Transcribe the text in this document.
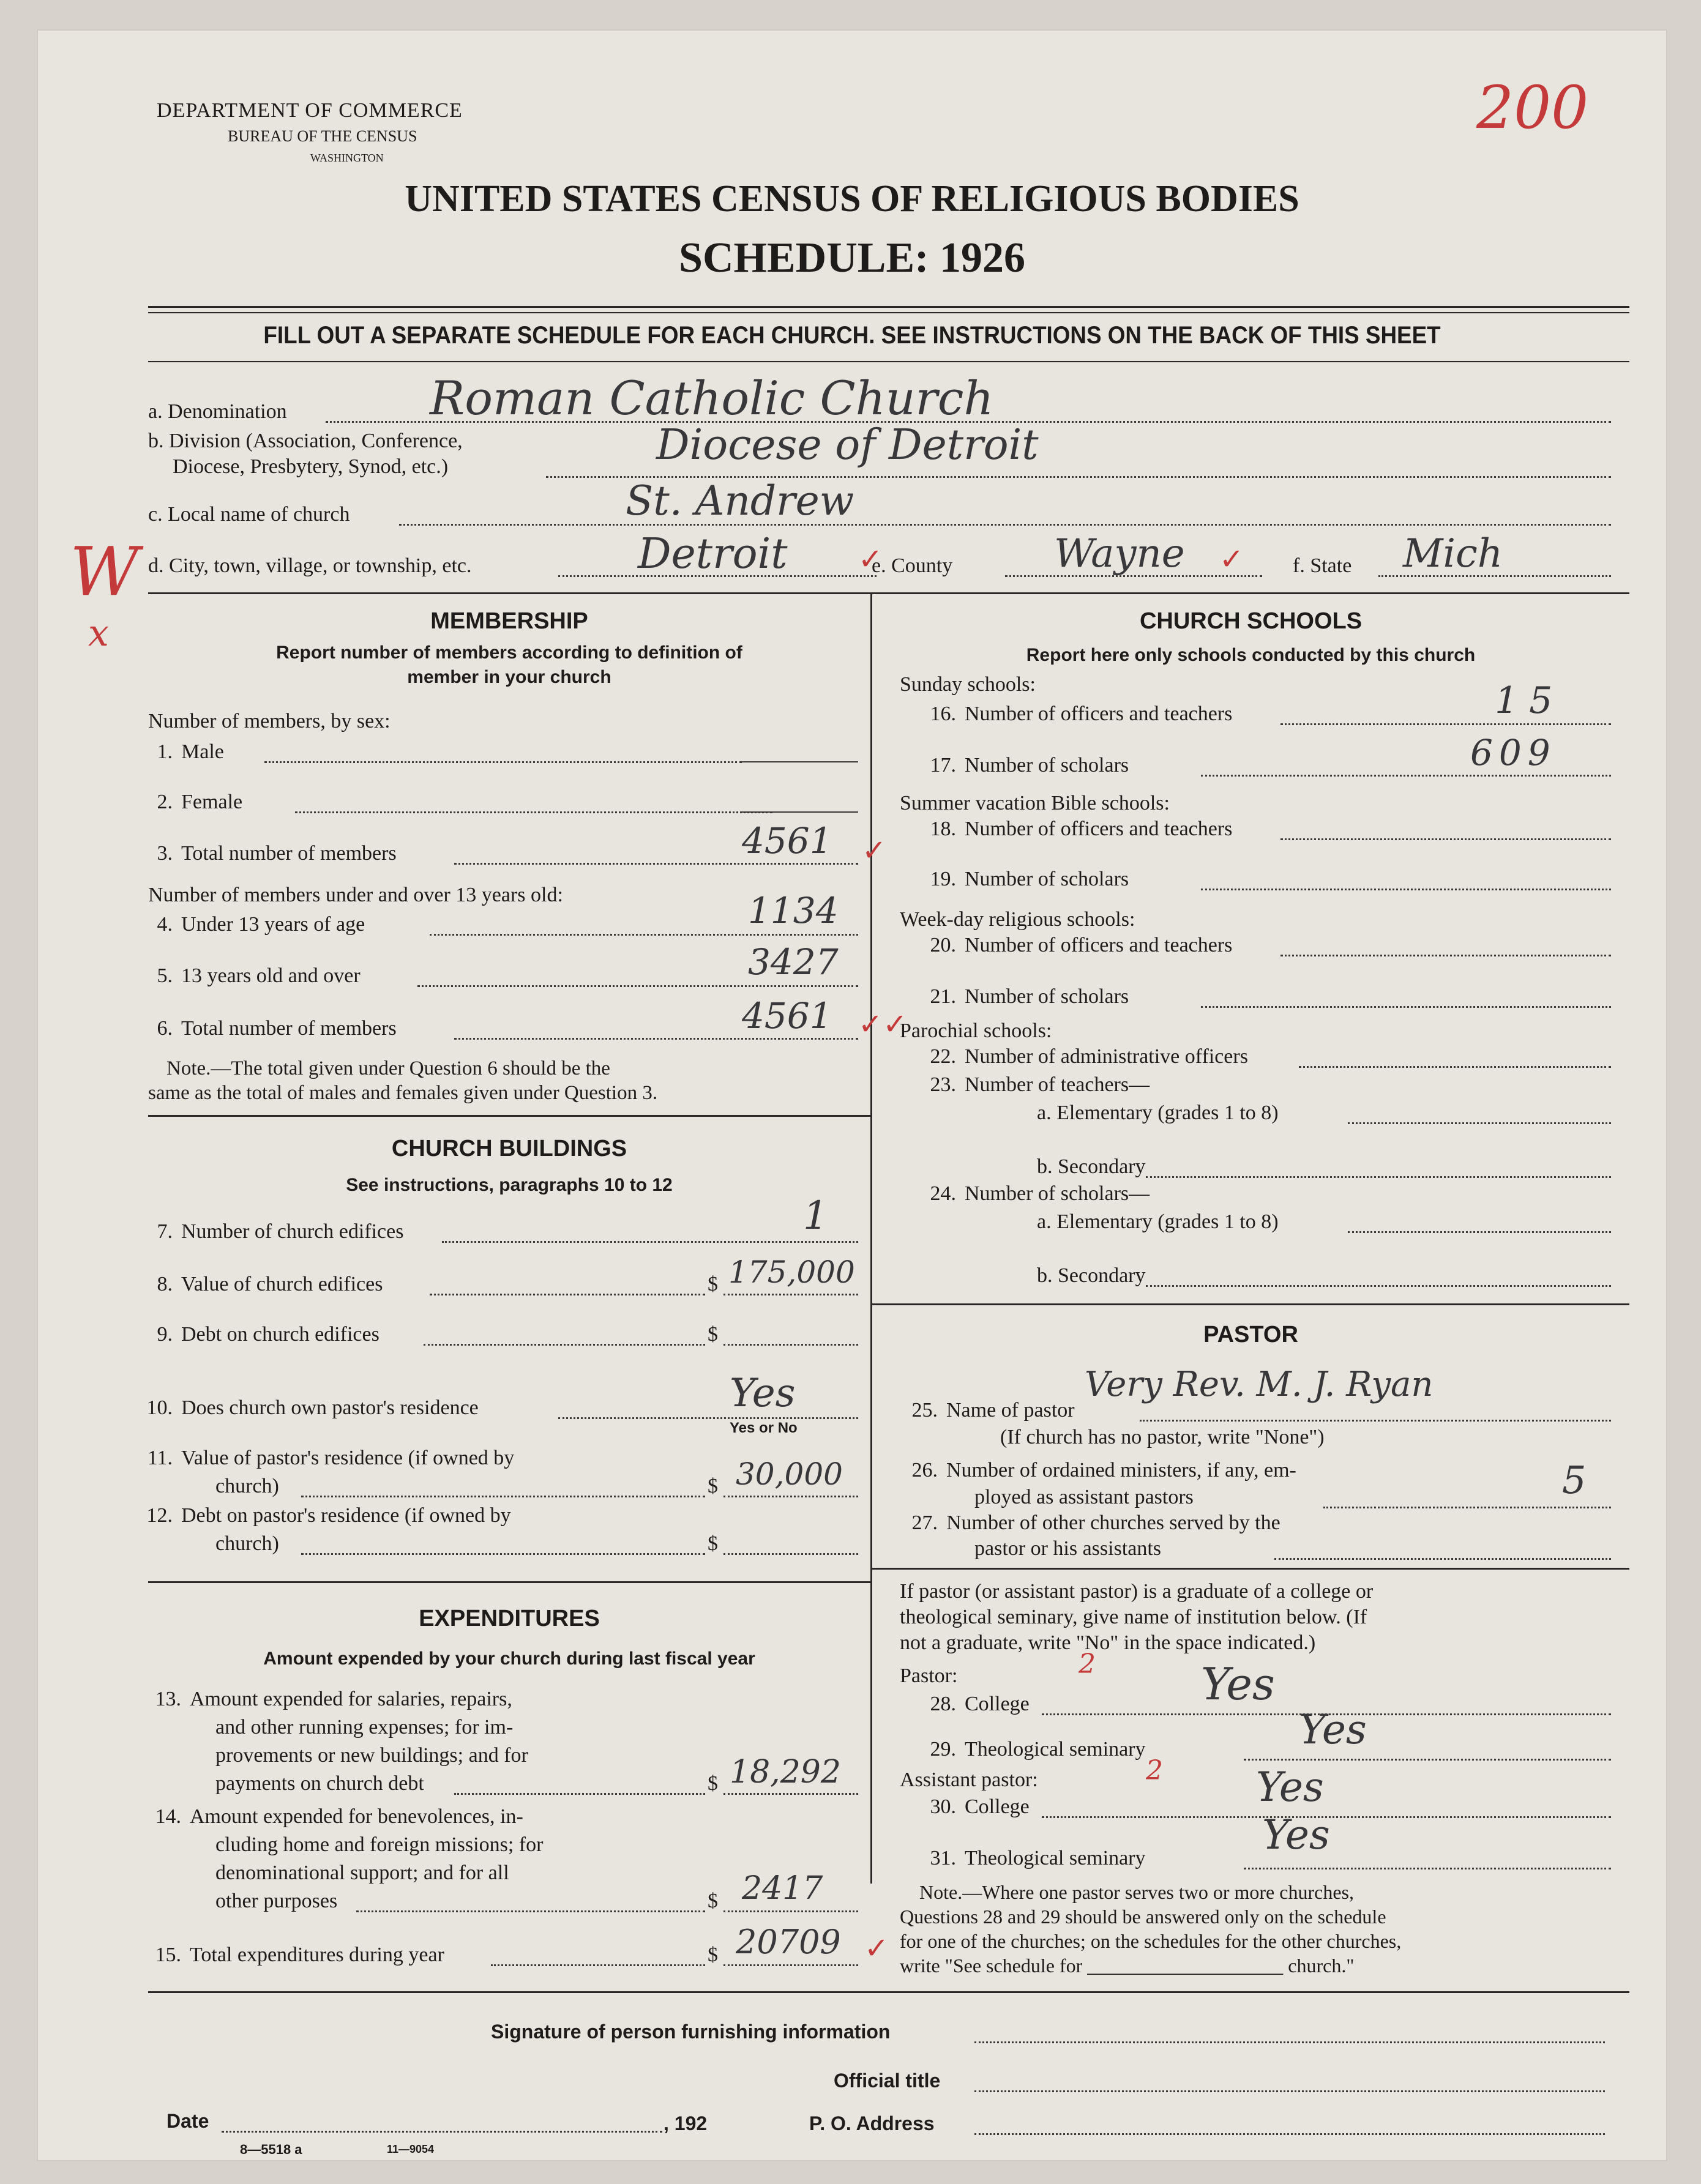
DEPARTMENT OF COMMERCE
BUREAU OF THE CENSUS
WASHINGTON
UNITED STATES CENSUS OF RELIGIOUS BODIES
SCHEDULE: 1926
200
FILL OUT A SEPARATE SCHEDULE FOR EACH CHURCH. SEE INSTRUCTIONS ON THE BACK OF THIS SHEET
a. Denomination	Roman Catholic Church
b. Division (Association, Conference,
Diocese, Presbytery, Synod, etc.)	Diocese of Detroit
c. Local name of church	St. Andrew
d. City, town, village, or township, etc.	Detroit ✓
e. County	Wayne ✓ f. State Mich
W
x	MEMBERSHIP
Report number of members according to definition of
member in your church
Number of members, by sex:
1. Male
2. Female
3. Total number of members	4561 ✓
Number of members under and over 13 years old:
4. Under 13 years of age	1134
5. 13 years old and over	3427
6. Total number of members	4561 ✓✓
Note.—The total given under Question 6 should be the
same as the total of males and females given under Question 3.
CHURCH BUILDINGS
See instructions, paragraphs 10 to 12
7. Number of church edifices	1
8. Value of church edifices	$ 175,000
9. Debt on church edifices	$
10. Does church own pastor's residence	Yes
Yes or No
11. Value of pastor's residence (if owned by
church)	$ 30,000
12. Debt on pastor's residence (if owned by
church)	$
EXPENDITURES
Amount expended by your church during last fiscal year
13. Amount expended for salaries, repairs,
and other running expenses; for im-
provements or new buildings; and for
payments on church debt	$ 18,292
14. Amount expended for benevolences, in-
cluding home and foreign missions; for
denominational support; and for all
other purposes	$ 2417
15. Total expenditures during year	$ 20709 ✓
CHURCH SCHOOLS
Report here only schools conducted by this church
Sunday schools:
16. Number of officers and teachers	15
17. Number of scholars	609
Summer vacation Bible schools:
18. Number of officers and teachers
19. Number of scholars
Week-day religious schools:
20. Number of officers and teachers
21. Number of scholars
Parochial schools:
22. Number of administrative officers
23. Number of teachers—
a. Elementary (grades 1 to 8)
b. Secondary
24. Number of scholars—
a. Elementary (grades 1 to 8)
b. Secondary
PASTOR
25. Name of pastor
Very Rev. M. J. Ryan
(If church has no pastor, write "None")
26. Number of ordained ministers, if any, em-
ployed as assistant pastors	5
27. Number of other churches served by the
pastor or his assistants
If pastor (or assistant pastor) is a graduate of a college or
theological seminary, give name of institution below. (If
not a graduate, write "No" in the space indicated.)
Pastor:	2
28. College	Yes
29. Theological seminary	Yes
Assistant pastor:	2
30. College	Yes
31. Theological seminary	Yes
Note.—Where one pastor serves two or more churches,
Questions 28 and 29 should be answered only on the schedule
for one of the churches; on the schedules for the other churches,
write "See schedule for ____________________ church."
Signature of person furnishing information
Official title
Date	, 192	P. O. Address
8—5518 a	11—9054
